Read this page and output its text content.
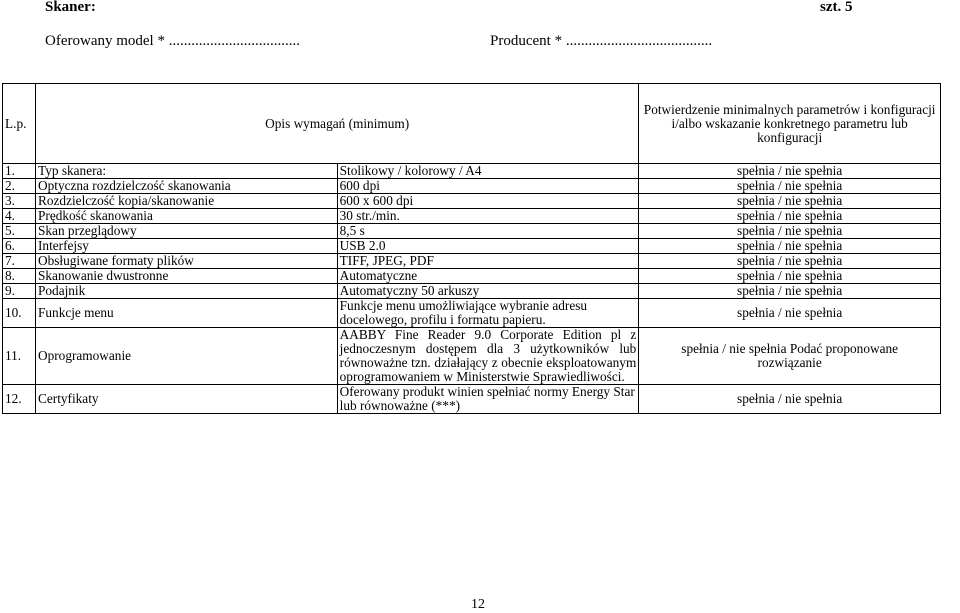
Skaner:	szt. 5
Oferowany model * ...................................	Producent * .......................................
L.p.	Opis wymagań (minimum)		Potwierdzenie minimalnych parametrów i konfiguracji i/albo wskazanie konkretnego parametru lub konfiguracji
1.	Typ skanera:	Stolikowy / kolorowy / A4	spełnia / nie spełnia
2.	Optyczna rozdzielczość skanowania	600 dpi	spełnia / nie spełnia
3.	Rozdzielczość kopia/skanowanie	600 x 600 dpi	spełnia / nie spełnia
4.	Prędkość skanowania	30 str./min.	spełnia / nie spełnia
5.	Skan przeglądowy	8,5 s	spełnia / nie spełnia
6.	Interfejsy	USB 2.0	spełnia / nie spełnia
7.	Obsługiwane formaty plików	TIFF, JPEG, PDF	spełnia / nie spełnia
8.	Skanowanie dwustronne	Automatyczne	spełnia / nie spełnia
9.	Podajnik	Automatyczny 50 arkuszy	spełnia / nie spełnia
10.	Funkcje menu	Funkcje menu umożliwiające wybranie adresu docelowego, profilu i formatu papieru.	spełnia / nie spełnia
11.	Oprogramowanie	AABBY Fine Reader 9.0 Corporate Edition pl z jednoczesnym dostępem dla 3 użytkowników lub równoważne tzn. działający z obecnie eksploatowanym oprogramowaniem w Ministerstwie Sprawiedliwości.	spełnia / nie spełnia Podać proponowane rozwiązanie
12.	Certyfikaty	Oferowany produkt winien spełniać normy Energy Star lub równoważne (***)	spełnia / nie spełnia
12
